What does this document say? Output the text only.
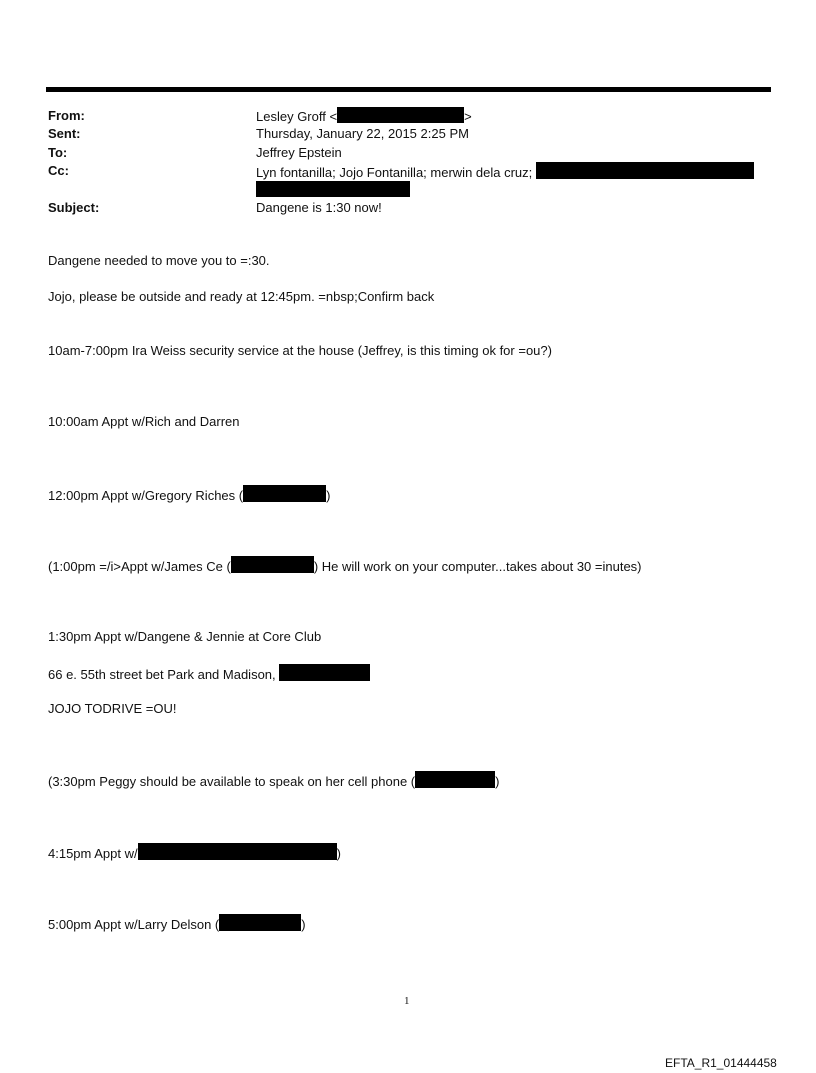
From:	Lesley Groff <	>
Sent:	Thursday, January 22, 2015 2:25 PM
To:	Jeffrey Epstein
Cc:	Lyn fontanilla; Jojo Fontanilla; merwin dela cruz;
Subject:	Dangene is 1:30 now!
Dangene needed to move you to =:30.
Jojo, please be outside and ready at 12:45pm. =nbsp;Confirm back
10am-7:00pm Ira Weiss security service at the house (Jeffrey, is this timing ok for =ou?)
10:00am Appt w/Rich and Darren
12:00pm Appt w/Gregory Riches (	)
(1:00pm =/i>Appt w/James Ce (	) He will work on your computer...takes about 30 =inutes)
1:30pm Appt w/Dangene & Jennie at Core Club
66 e. 55th street bet Park and Madison,
JOJO TODRIVE =OU!
(3:30pm Peggy should be available to speak on her cell phone (	)
4:15pm Appt w/	)
5:00pm Appt w/Larry Delson (	)
1
EFTA_R1_01444458
